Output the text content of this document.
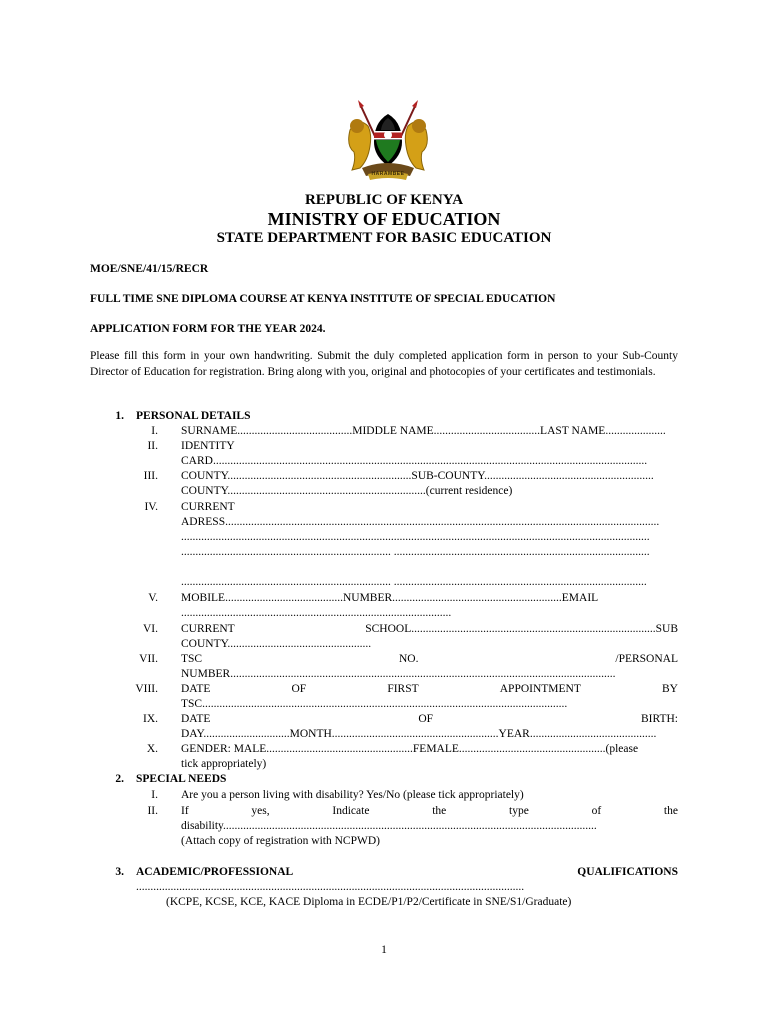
HARAMBEE
REPUBLIC OF KENYA
MINISTRY OF EDUCATION
STATE DEPARTMENT FOR BASIC EDUCATION
MOE/SNE/41/15/RECR
FULL TIME SNE DIPLOMA COURSE AT KENYA INSTITUTE OF SPECIAL EDUCATION
APPLICATION FORM FOR THE YEAR 2024.
Please fill this form in your own handwriting. Submit the duly completed application form in person to your Sub-County Director of Education for registration. Bring along with you, original and photocopies of your certificates and testimonials.
1. PERSONAL DETAILS
I. SURNAME........................................MIDDLE NAME.....................................LAST NAME.....................
II. IDENTITY
CARD.......................................................................................................................................................
III. COUNTY................................................................SUB-COUNTY...........................................................
COUNTY.....................................................................(current residence)
IV. CURRENT
ADRESS.......................................................................................................................................................
...................................................................................................................................................................
......................................................................... .........................................................................................
......................................................................... ........................................................................................
V. MOBILE.........................................NUMBER...........................................................EMAIL
..............................................................................................
VI. CURRENT	SCHOOL.....................................................................................SUB
COUNTY..................................................
VII. TSC	NO.	/PERSONAL
NUMBER......................................................................................................................................
VIII. DATE	OF	FIRST	APPOINTMENT	BY
TSC...............................................................................................................................
IX. DATE	OF	BIRTH:
DAY..............................MONTH..........................................................YEAR............................................
X. GENDER: MALE...................................................FEMALE...................................................(please
tick appropriately)
2. SPECIAL NEEDS
I. Are you a person living with disability? Yes/No (please tick appropriately)
II. If	yes,	Indicate	the	type	of	the
disability..................................................................................................................................
(Attach copy of registration with NCPWD)
3. ACADEMIC/PROFESSIONAL	QUALIFICATIONS
.......................................................................................................................................
(KCPE, KCSE, KCE, KACE Diploma in ECDE/P1/P2/Certificate in SNE/S1/Graduate)
1
